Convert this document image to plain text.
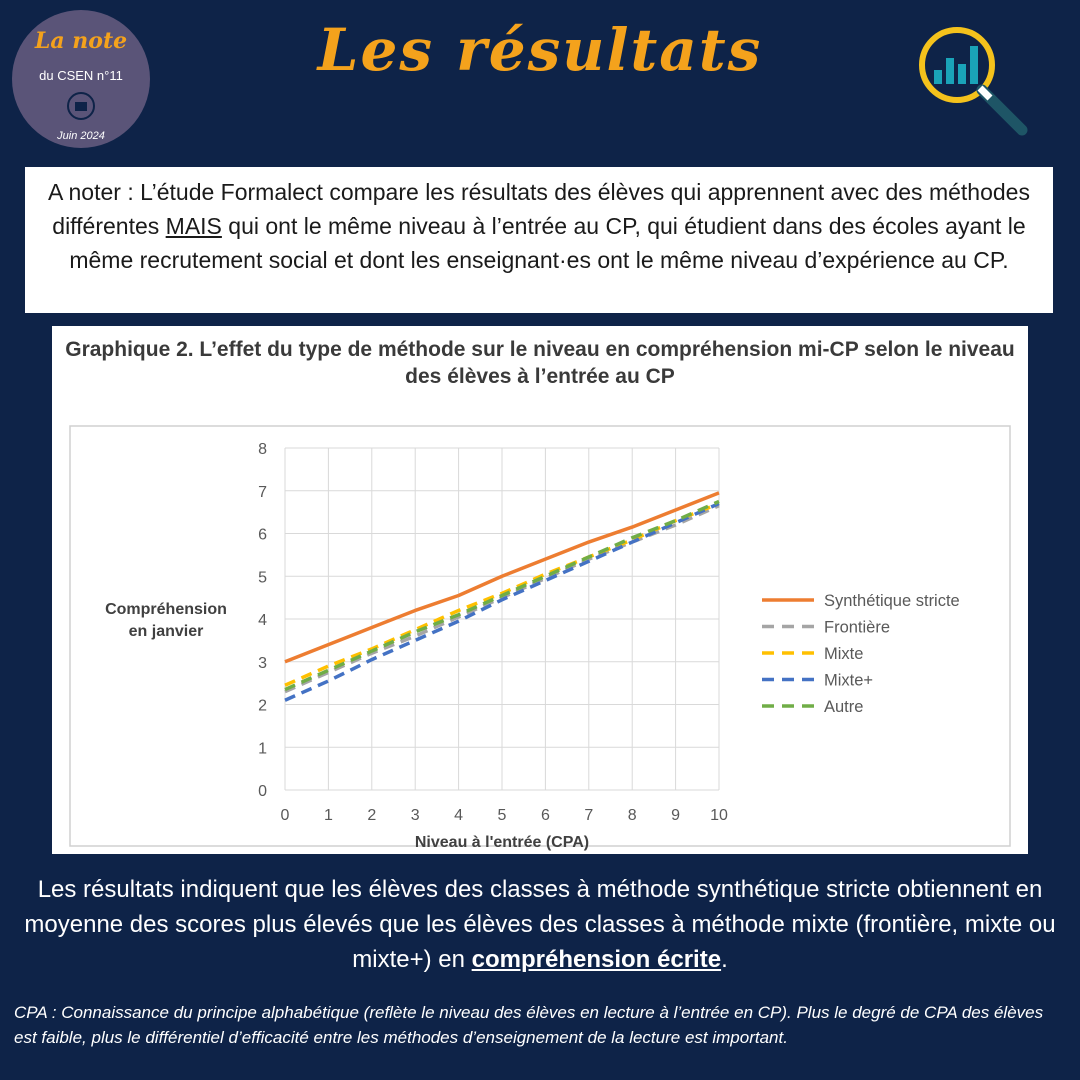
La note
du CSEN n°11
Juin 2024
Les résultats
A noter : L’étude Formalect compare les résultats des élèves qui apprennent avec des méthodes différentes MAIS qui ont le même niveau à l’entrée au CP, qui étudient dans des écoles ayant le même recrutement social et dont les enseignant·es ont le même niveau d’expérience au CP.
Graphique 2. L’effet du type de méthode sur le niveau en compréhension mi-CP selon le niveau des élèves à l’entrée au CP
0
1
2
3
4
5
6
7
8
0 1 2 3 4 5 6 7 8 9 10
Niveau à l'entrée (CPA)
Compréhension en janvier
Synthétique stricte
Frontière
Mixte
Mixte+
Autre
Les résultats indiquent que les élèves des classes à méthode synthétique stricte obtiennent en moyenne des scores plus élevés que les élèves des classes à méthode mixte (frontière, mixte ou mixte+) en compréhension écrite.
CPA : Connaissance du principe alphabétique (reflète le niveau des élèves en lecture à l’entrée en CP). Plus le degré de CPA des élèves est faible, plus le différentiel d’efficacité entre les méthodes d’enseignement de la lecture est important.
